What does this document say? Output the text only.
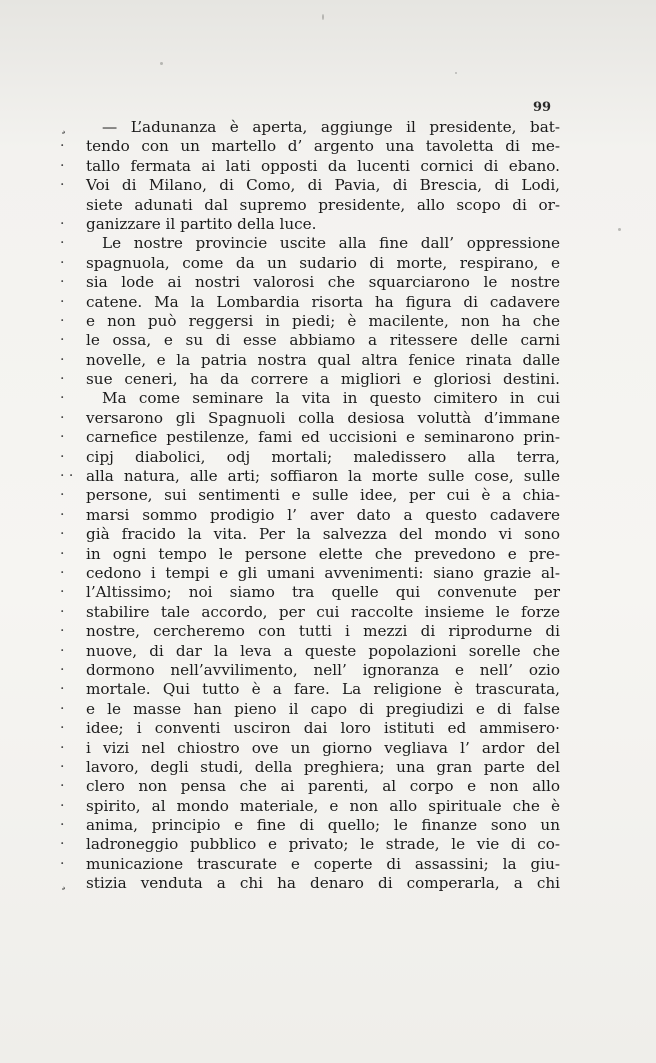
99
¸	— L’adunanza è aperta, aggiunge il presidente, bat-
·	tendo con un martello d’ argento una tavoletta di me-
·	tallo fermata ai lati opposti da lucenti cornici di ebano.
·	Voi di Milano, di Como, di Pavia, di Brescia, di Lodi,
siete adunati dal supremo presidente, allo scopo di or-
·	ganizzare il partito della luce.
·	Le nostre provincie uscite alla fine dall’ oppressione
·	spagnuola, come da un sudario di morte, respirano, e
·	sia lode ai nostri valorosi che squarciarono le nostre
·	catene. Ma la Lombardia risorta ha figura di cadavere
·	e non può reggersi in piedi; è macilente, non ha che
·	le ossa, e su di esse abbiamo a ritessere delle carni
·	novelle, e la patria nostra qual altra fenice rinata dalle
·	sue ceneri, ha da correre a migliori e gloriosi destini.
·	Ma come seminare la vita in questo cimitero in cui
·	versarono gli Spagnuoli colla desiosa voluttà d’immane
·	carnefice pestilenze, fami ed uccisioni e seminarono prin-
·	cipj diabolici, odj mortali; maledissero alla terra,
· · alla natura, alle arti; soffiaron la morte sulle cose, sulle
·	persone, sui sentimenti e sulle idee, per cui è a chia-
·	marsi sommo prodigio l’ aver dato a questo cadavere
·	già fracido la vita. Per la salvezza del mondo vi sono
·	in ogni tempo le persone elette che prevedono e pre-
·	cedono i tempi e gli umani avvenimenti: siano grazie al-
·	l’Altissimo; noi siamo tra quelle qui convenute per
·	stabilire tale accordo, per cui raccolte insieme le forze
·	nostre, cercheremo con tutti i mezzi di riprodurne di
·	nuove, di dar la leva a queste popolazioni sorelle che
·	dormono nell’avvilimento, nell’ ignoranza e nell’ ozio
·	mortale. Qui tutto è a fare. La religione è trascurata,
·	e le masse han pieno il capo di pregiudizi e di false
·	idee; i conventi usciron dai loro istituti ed ammisero·
·	i vizi nel chiostro ove un giorno vegliava l’ ardor del
·	lavoro, degli studi, della preghiera; una gran parte del
·	clero non pensa che ai parenti, al corpo e non allo
·	spirito, al mondo materiale, e non allo spirituale che è
·	anima, principio e fine di quello; le finanze sono un
·	ladroneggio pubblico e privato; le strade, le vie di co-
·	municazione trascurate e coperte di assassini; la giu-
¸	stizia venduta a chi ha denaro di comperarla, a chi
